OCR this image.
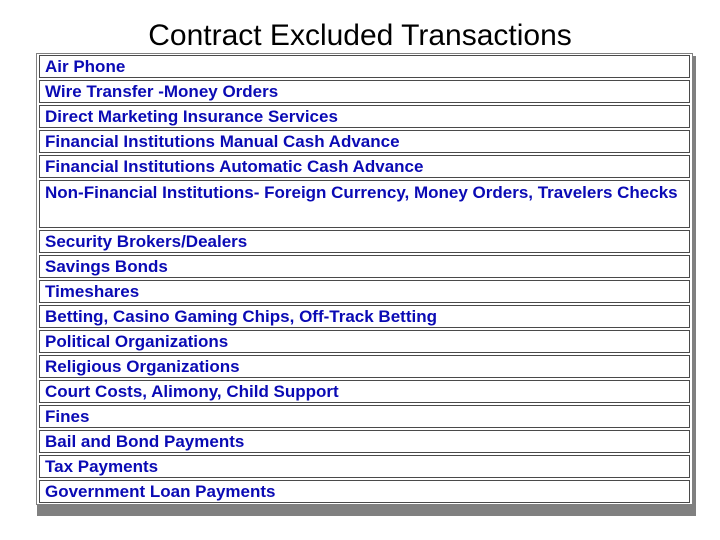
Contract Excluded Transactions
Air Phone
Wire Transfer -Money Orders
Direct Marketing Insurance Services
Financial Institutions Manual Cash Advance
Financial Institutions Automatic Cash Advance
Non-Financial Institutions- Foreign Currency, Money Orders, Travelers Checks
Security Brokers/Dealers
Savings Bonds
Timeshares
Betting, Casino Gaming Chips, Off-Track Betting
Political Organizations
Religious Organizations
Court Costs, Alimony, Child Support
Fines
Bail and Bond Payments
Tax Payments
Government Loan Payments
